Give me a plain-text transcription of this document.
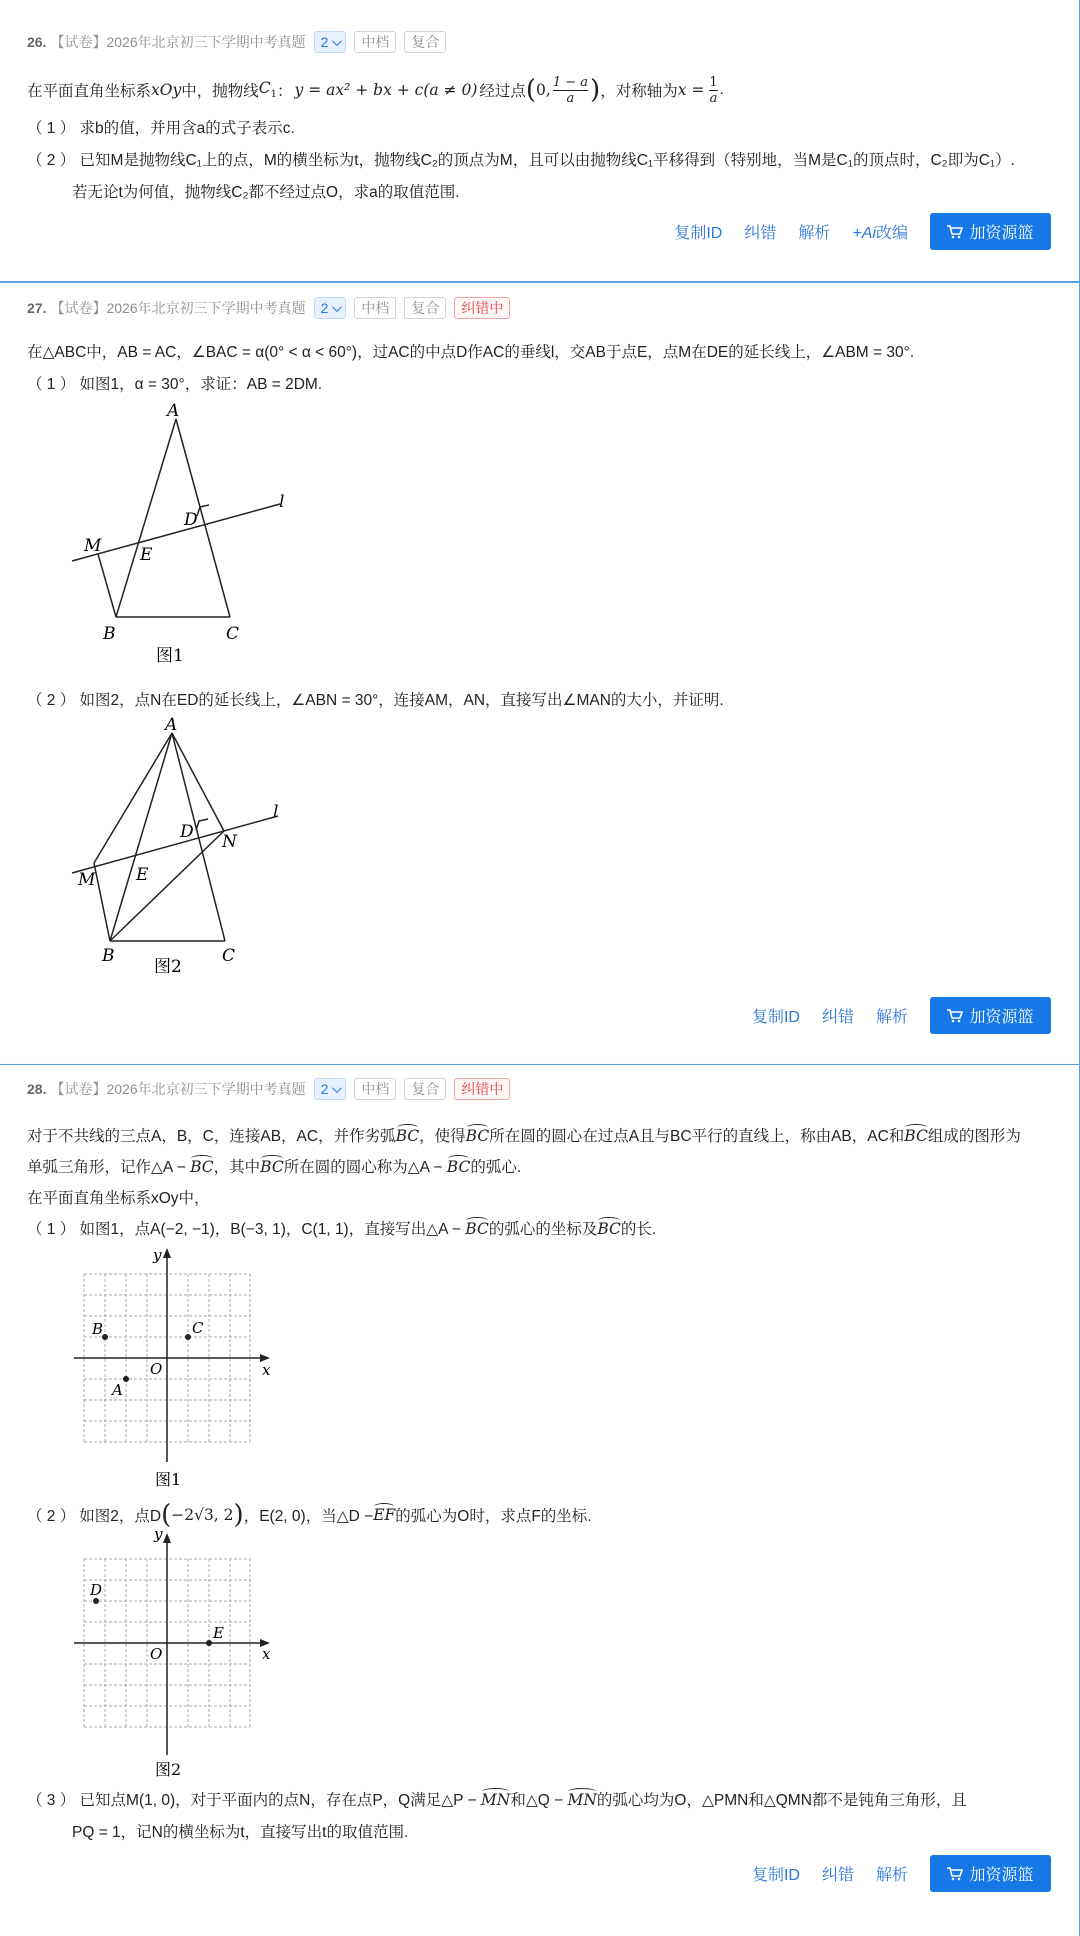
26. 【试卷】2026年北京初三下学期中考真题 2	中档	复合
在平面直角坐标系 xOy 中，抛物线 $C_1$ ： y = ax² + bx + c(a ≠ 0) 经过点 ( 0, $\frac{1 - a}{a}$ ) ，对称轴为 $x = \frac{1}{a}$ .
（ 1 ） 求b的值，并用含a的式子表示c.
（ 2 ） 已知M是抛物线C₁上的点，M的横坐标为t，抛物线C₂的顶点为M，且可以由抛物线C₁平移得到（特别地，当M是C₁的顶点时，C₂即为C₁）.
若无论t为何值，抛物线C₂都不经过点O，求a的取值范围.
复制ID 纠错 解析 +Ai改编	加资源篮
27. 【试卷】2026年北京初三下学期中考真题 2	中档	复合	纠错中
在△ABC中，AB = AC，∠BAC = α(0° < α < 60°)，过AC的中点D作AC的垂线l，交AB于点E，点M在DE的延长线上，∠ABM = 30°.
（ 1 ） 如图1，α = 30°，求证：AB = 2DM.
A
B	C
D
E
M
l
图1
（ 2 ） 如图2，点N在ED的延长线上，∠ABN = 30°，连接AM，AN，直接写出∠MAN的大小，并证明.
A
B	C
D
E
M
N
l
图2
复制ID 纠错 解析	加资源篮
28. 【试卷】2026年北京初三下学期中考真题 2	中档	复合	纠错中
对于不共线的三点A，B，C，连接AB，AC，并作劣弧BC，使得BC所在圆的圆心在过点A且与BC平行的直线上，称由AB，AC和BC组成的图形为
单弧三角形，记作△A − BC，其中BC所在圆的圆心称为△A − BC的弧心.
在平面直角坐标系xOy中，
（ 1 ） 如图1，点A(−2, −1)，B(−3, 1)，C(1, 1)，直接写出△A − BC的弧心的坐标及BC的长.
x
y
O
B	C
A
图1
（ 2 ） 如图2，点D ( −2√3, 2 ) ，E(2, 0)，当△D − EF 的弧心为O时，求点F的坐标.
x
y
O
D
E
图2
（ 3 ） 已知点M(1, 0)，对于平面内的点N，存在点P，Q满足△P − MN和△Q − MN的弧心均为O，△PMN和△QMN都不是钝角三角形，且
PQ = 1，记N的横坐标为t，直接写出t的取值范围.
复制ID 纠错 解析	加资源篮
